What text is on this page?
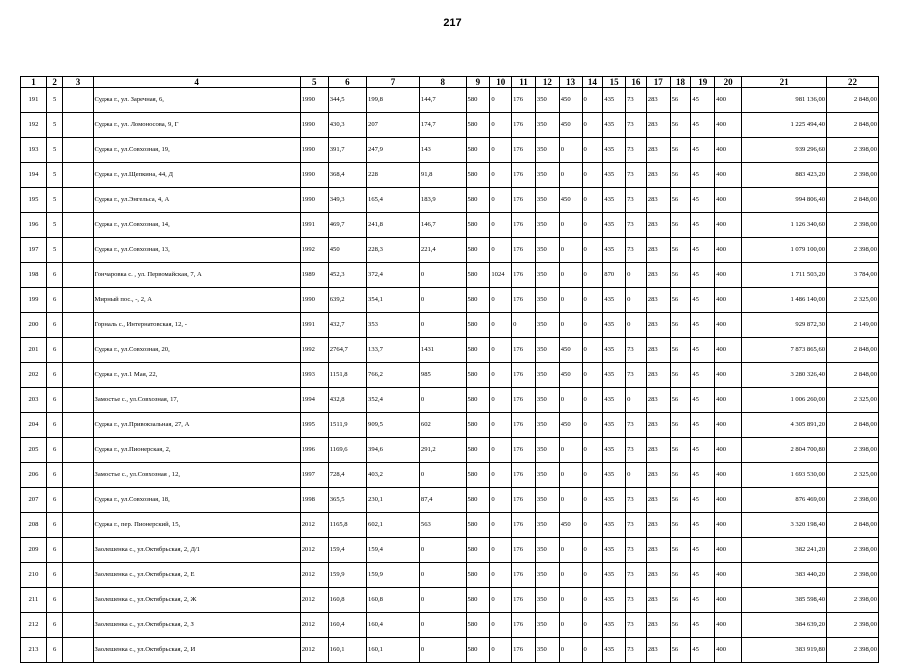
217
1	2	3	4	5	6	7	8	9	10	11	12	13	14	15	16	17	18	19	20	21	22
191	5		Суджа г., ул. Заречная, 6,	1990	344,5	199,8	144,7	580	0	176	350	450	0	435	73	283	56	45	400	981 136,00	2 848,00
192	5		Суджа г., ул. Ломоносова, 9, Г	1990	430,3	207	174,7	580	0	176	350	450	0	435	73	283	56	45	400	1 225 494,40	2 848,00
193	5		Суджа г., ул.Совхозная, 19,	1990	391,7	247,9	143	580	0	176	350	0	0	435	73	283	56	45	400	939 296,60	2 398,00
194	5		Суджа г., ул.Щепкина, 44, Д	1990	368,4	228	91,8	580	0	176	350	0	0	435	73	283	56	45	400	883 423,20	2 398,00
195	5		Суджа г., ул.Энгельса, 4, А	1990	349,3	165,4	183,9	580	0	176	350	450	0	435	73	283	56	45	400	994 806,40	2 848,00
196	5		Суджа г., ул.Совхозная, 14,	1991	469,7	241,8	146,7	580	0	176	350	0	0	435	73	283	56	45	400	1 126 340,60	2 398,00
197	5		Суджа г., ул.Совхозная, 13,	1992	450	228,3	221,4	580	0	176	350	0	0	435	73	283	56	45	400	1 079 100,00	2 398,00
198	6		Гончаровка с. , ул. Первомайская, 7, А	1989	452,3	372,4	0	580	1024	176	350	0	0	870	0	283	56	45	400	1 711 503,20	3 784,00
199	6		Мирный пос., -, 2, А	1990	639,2	354,1	0	580	0	176	350	0	0	435	0	283	56	45	400	1 486 140,00	2 325,00
200	6		Горналь с., Интернатовская, 12, -	1991	432,7	353	0	580	0	0	350	0	0	435	0	283	56	45	400	929 872,30	2 149,00
201	6		Суджа г., ул.Совхозная, 20,	1992	2764,7	133,7	1431	580	0	176	350	450	0	435	73	283	56	45	400	7 873 865,60	2 848,00
202	6		Суджа г., ул.1 Мая, 22,	1993	1151,8	766,2	985	580	0	176	350	450	0	435	73	283	56	45	400	3 280 326,40	2 848,00
203	6		Замостье с., ул.Совхозная, 17,	1994	432,8	352,4	0	580	0	176	350	0	0	435	0	283	56	45	400	1 006 260,00	2 325,00
204	6		Суджа г., ул.Привокзальная, 27, А	1995	1511,9	909,5	602	580	0	176	350	450	0	435	73	283	56	45	400	4 305 891,20	2 848,00
205	6		Суджа г., ул.Пионерская, 2,	1996	1169,6	394,6	291,2	580	0	176	350	0	0	435	73	283	56	45	400	2 804 700,80	2 398,00
206	6		Замостье с., ул.Совхозная , 12,	1997	728,4	403,2	0	580	0	176	350	0	0	435	0	283	56	45	400	1 693 530,00	2 325,00
207	6		Суджа г., ул.Совхозная, 18,	1998	365,5	230,1	87,4	580	0	176	350	0	0	435	73	283	56	45	400	876 469,00	2 398,00
208	6		Суджа г., пер. Пионерский, 15,	2012	1165,8	602,1	563	580	0	176	350	450	0	435	73	283	56	45	400	3 320 198,40	2 848,00
209	6		Заолешенка с., ул.Октябрьская, 2, Д/1	2012	159,4	159,4	0	580	0	176	350	0	0	435	73	283	56	45	400	382 241,20	2 398,00
210	6		Заолешенка с., ул.Октябрьская, 2, Е	2012	159,9	159,9	0	580	0	176	350	0	0	435	73	283	56	45	400	383 440,20	2 398,00
211	6		Заолешенка с., ул.Октябрьская, 2, Ж	2012	160,8	160,8	0	580	0	176	350	0	0	435	73	283	56	45	400	385 598,40	2 398,00
212	6		Заолешенка с., ул.Октябрьская, 2, З	2012	160,4	160,4	0	580	0	176	350	0	0	435	73	283	56	45	400	384 639,20	2 398,00
213	6		Заолешенка с., ул.Октябрьская, 2, И	2012	160,1	160,1	0	580	0	176	350	0	0	435	73	283	56	45	400	383 919,80	2 398,00
